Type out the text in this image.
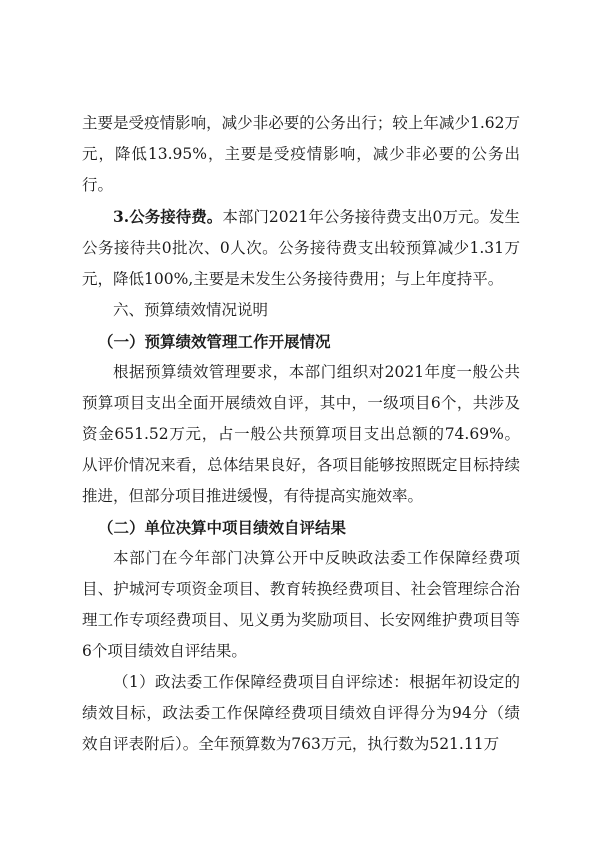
主要是受疫情影响，减少非必要的公务出行；较上年减少1.62万元，降低13.95%，主要是受疫情影响，减少非必要的公务出行。

3.公务接待费。本部门2021年公务接待费支出0万元。发生公务接待共0批次、0人次。公务接待费支出较预算减少1.31万元，降低100%,主要是未发生公务接待费用；与上年度持平。

六、预算绩效情况说明
（一）预算绩效管理工作开展情况

根据预算绩效管理要求，本部门组织对2021年度一般公共预算项目支出全面开展绩效自评，其中，一级项目6个，共涉及资金651.52万元，占一般公共预算项目支出总额的74.69%。从评价情况来看，总体结果良好，各项目能够按照既定目标持续推进，但部分项目推进缓慢，有待提高实施效率。

（二）单位决算中项目绩效自评结果

本部门在今年部门决算公开中反映政法委工作保障经费项目、护城河专项资金项目、教育转换经费项目、社会管理综合治理工作专项经费项目、见义勇为奖励项目、长安网维护费项目等6个项目绩效自评结果。

（1）政法委工作保障经费项目自评综述：根据年初设定的绩效目标，政法委工作保障经费项目绩效自评得分为94分（绩效自评表附后）。全年预算数为763万元，执行数为521.11万
